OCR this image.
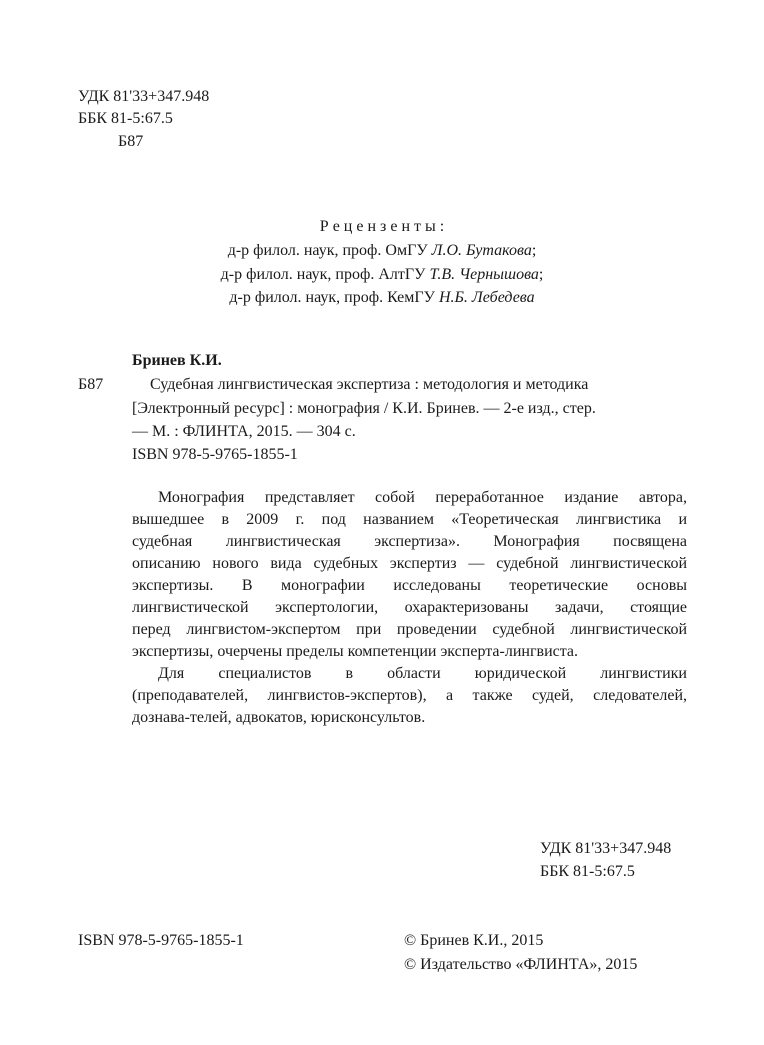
УДК 81'33+347.948
ББК 81-5:67.5
Б87
Р е ц е н з е н т ы :
д-р филол. наук, проф. ОмГУ Л.О. Бутакова;
д-р филол. наук, проф. АлтГУ Т.В. Чернышова;
д-р филол. наук, проф. КемГУ Н.Б. Лебедева
Бринев К.И.
Б87	Судебная лингвистическая экспертиза : методология и методика
[Электронный ресурс] : монография / К.И. Бринев. — 2-е изд., стер.
— М. : ФЛИНТА, 2015. — 304 с.
ISBN 978-5-9765-1855-1
Монография представляет собой переработанное издание автора,
вышедшее в 2009 г. под названием «Теоретическая лингвистика и
судебная лингвистическая экспертиза». Монография посвящена
описанию нового вида судебных экспертиз — судебной лингвистической
экспертизы. В монографии исследованы теоретические основы
лингвистической экспертологии, охарактеризованы задачи, стоящие
перед лингвистом-экспертом при проведении судебной лингвистической
экспертизы, очерчены пределы компетенции эксперта-лингвиста.
Для специалистов в области юридической лингвистики
(преподавателей, лингвистов-экспертов), а также судей, следователей,
дознава-телей, адвокатов, юрисконсультов.
УДК 81'33+347.948
ББК 81-5:67.5
ISBN 978-5-9765-1855-1	© Бринев К.И., 2015
© Издательство «ФЛИНТА», 2015
